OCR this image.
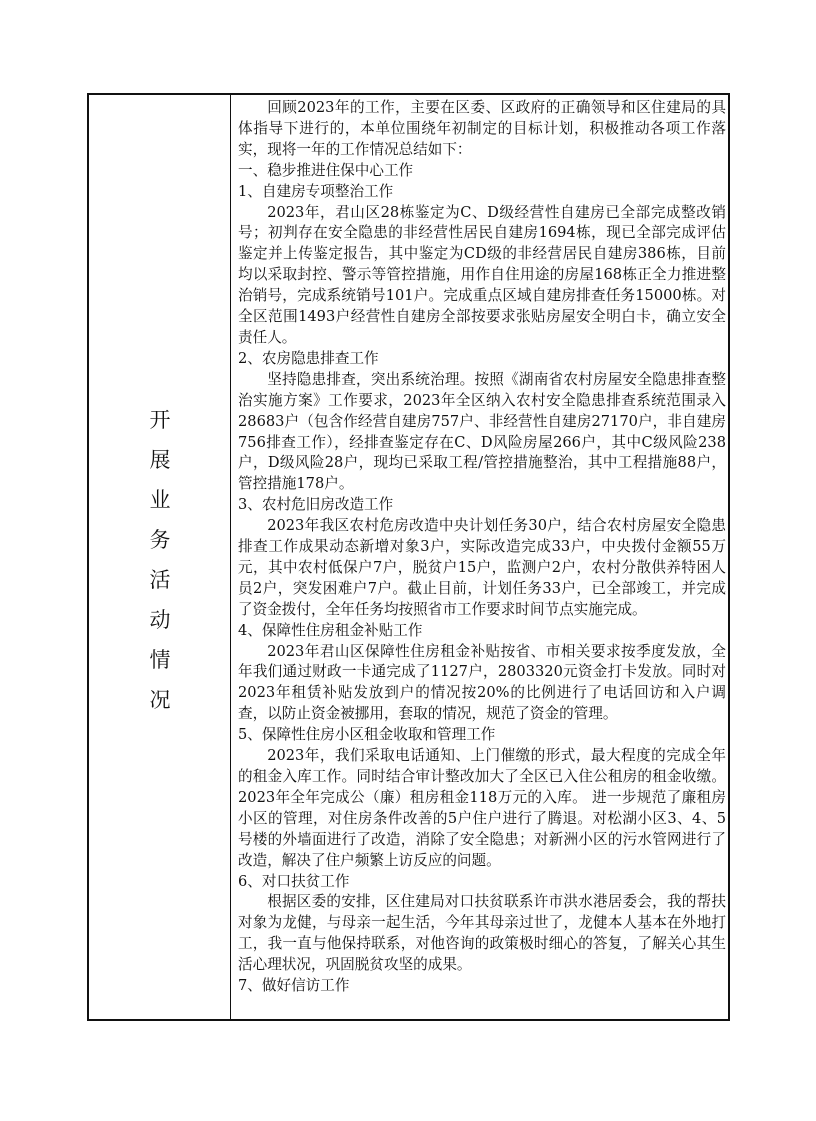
开
展
业
务
活
动
情
况

回顾2023年的工作，主要在区委、区政府的正确领导和区住建局的具体指导下进行的，本单位围绕年初制定的目标计划，积极推动各项工作落实，现将一年的工作情况总结如下：

一、稳步推进住保中心工作

1、自建房专项整治工作

2023年，君山区28栋鉴定为C、D级经营性自建房已全部完成整改销号；初判存在安全隐患的非经营性居民自建房1694栋，现已全部完成评估鉴定并上传鉴定报告，其中鉴定为CD级的非经营居民自建房386栋，目前均以采取封控、警示等管控措施，用作自住用途的房屋168栋正全力推进整治销号，完成系统销号101户。完成重点区域自建房排查任务15000栋。对全区范围1493户经营性自建房全部按要求张贴房屋安全明白卡，确立安全责任人。

2、农房隐患排查工作

坚持隐患排查，突出系统治理。按照《湖南省农村房屋安全隐患排查整治实施方案》工作要求，2023年全区纳入农村安全隐患排查系统范围录入28683户（包含作经营自建房757户、非经营性自建房27170户，非自建房756排查工作），经排查鉴定存在C、D风险房屋266户，其中C级风险238户，D级风险28户，现均已采取工程/管控措施整治，其中工程措施88户，管控措施178户。

3、农村危旧房改造工作

2023年我区农村危房改造中央计划任务30户，结合农村房屋安全隐患排查工作成果动态新增对象3户，实际改造完成33户，中央拨付金额55万元，其中农村低保户7户，脱贫户15户，监测户2户，农村分散供养特困人员2户，突发困难户7户。截止目前，计划任务33户，已全部竣工，并完成了资金拨付，全年任务均按照省市工作要求时间节点实施完成。

4、保障性住房租金补贴工作

2023年君山区保障性住房租金补贴按省、市相关要求按季度发放，全年我们通过财政一卡通完成了1127户，2803320元资金打卡发放。同时对2023年租赁补贴发放到户的情况按20%的比例进行了电话回访和入户调查，以防止资金被挪用，套取的情况，规范了资金的管理。

5、保障性住房小区租金收取和管理工作

2023年，我们采取电话通知、上门催缴的形式，最大程度的完成全年的租金入库工作。同时结合审计整改加大了全区已入住公租房的租金收缴。2023年全年完成公（廉）租房租金118万元的入库。 进一步规范了廉租房小区的管理，对住房条件改善的5户住户进行了腾退。对松湖小区3、4、5号楼的外墙面进行了改造，消除了安全隐患；对新洲小区的污水管网进行了改造，解决了住户频繁上访反应的问题。

6、对口扶贫工作

根据区委的安排，区住建局对口扶贫联系许市洪水港居委会，我的帮扶对象为龙健，与母亲一起生活，今年其母亲过世了，龙健本人基本在外地打工，我一直与他保持联系，对他咨询的政策极时细心的答复，了解关心其生活心理状况，巩固脱贫攻坚的成果。

7、做好信访工作
